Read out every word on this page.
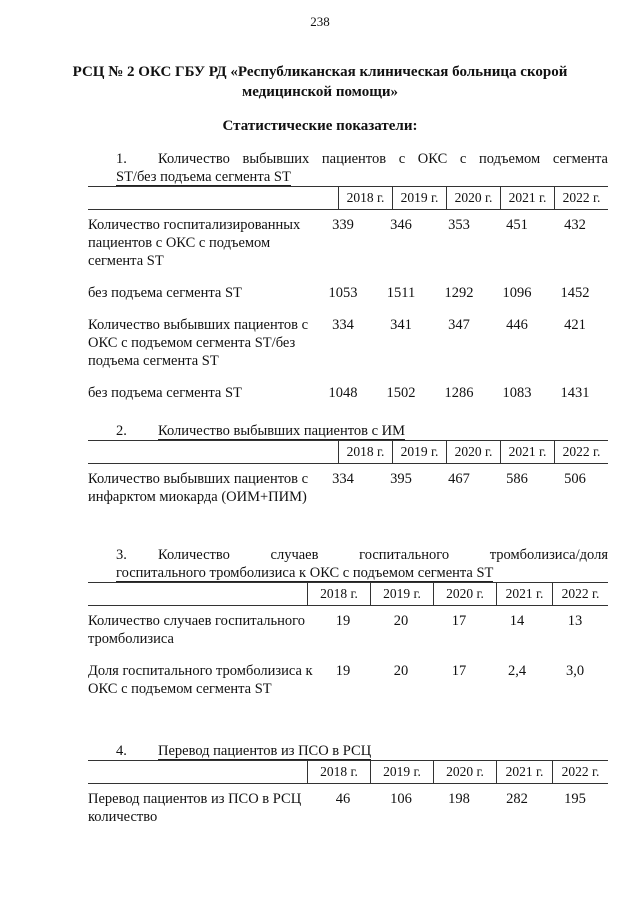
238
РСЦ № 2 ОКС ГБУ РД «Республиканская клиническая больница скорой медицинской помощи»
Статистические показатели:
1.	Количество выбывших пациентов с ОКС с подъемом сегмента
ST/без подъема сегмента ST
2018 г.	2019 г.	2020 г.	2021 г.	2022 г.
Количество госпитализированных пациентов с ОКС с подъемом сегмента ST
339	346	353	451	432
без подъема сегмента ST	1053	1511	1292	1096	1452
Количество выбывших пациентов с ОКС с подъемом сегмента ST/без подъема сегмента ST
334	341	347	446	421
без подъема сегмента ST	1048	1502	1286	1083	1431
2.	Количество выбывших пациентов с ИМ
2018 г.	2019 г.	2020 г.	2021 г.	2022 г.
Количество выбывших пациентов с инфарктом миокарда (ОИМ+ПИМ)
334	395	467	586	506
3.	Количество случаев госпитального тромболизиса/доля
госпитального тромболизиса к ОКС с подъемом сегмента ST
2018 г.	2019 г.	2020 г.	2021 г.	2022 г.
Количество случаев госпитального тромболизиса
19	20	17	14	13
Доля госпитального тромболизиса к ОКС с подъемом сегмента ST
19	20	17	2,4	3,0
4.	Перевод пациентов из ПСО в РСЦ
2018 г.	2019 г.	2020 г.	2021 г.	2022 г.
Перевод пациентов из ПСО в РСЦ количество
46	106	198	282	195
